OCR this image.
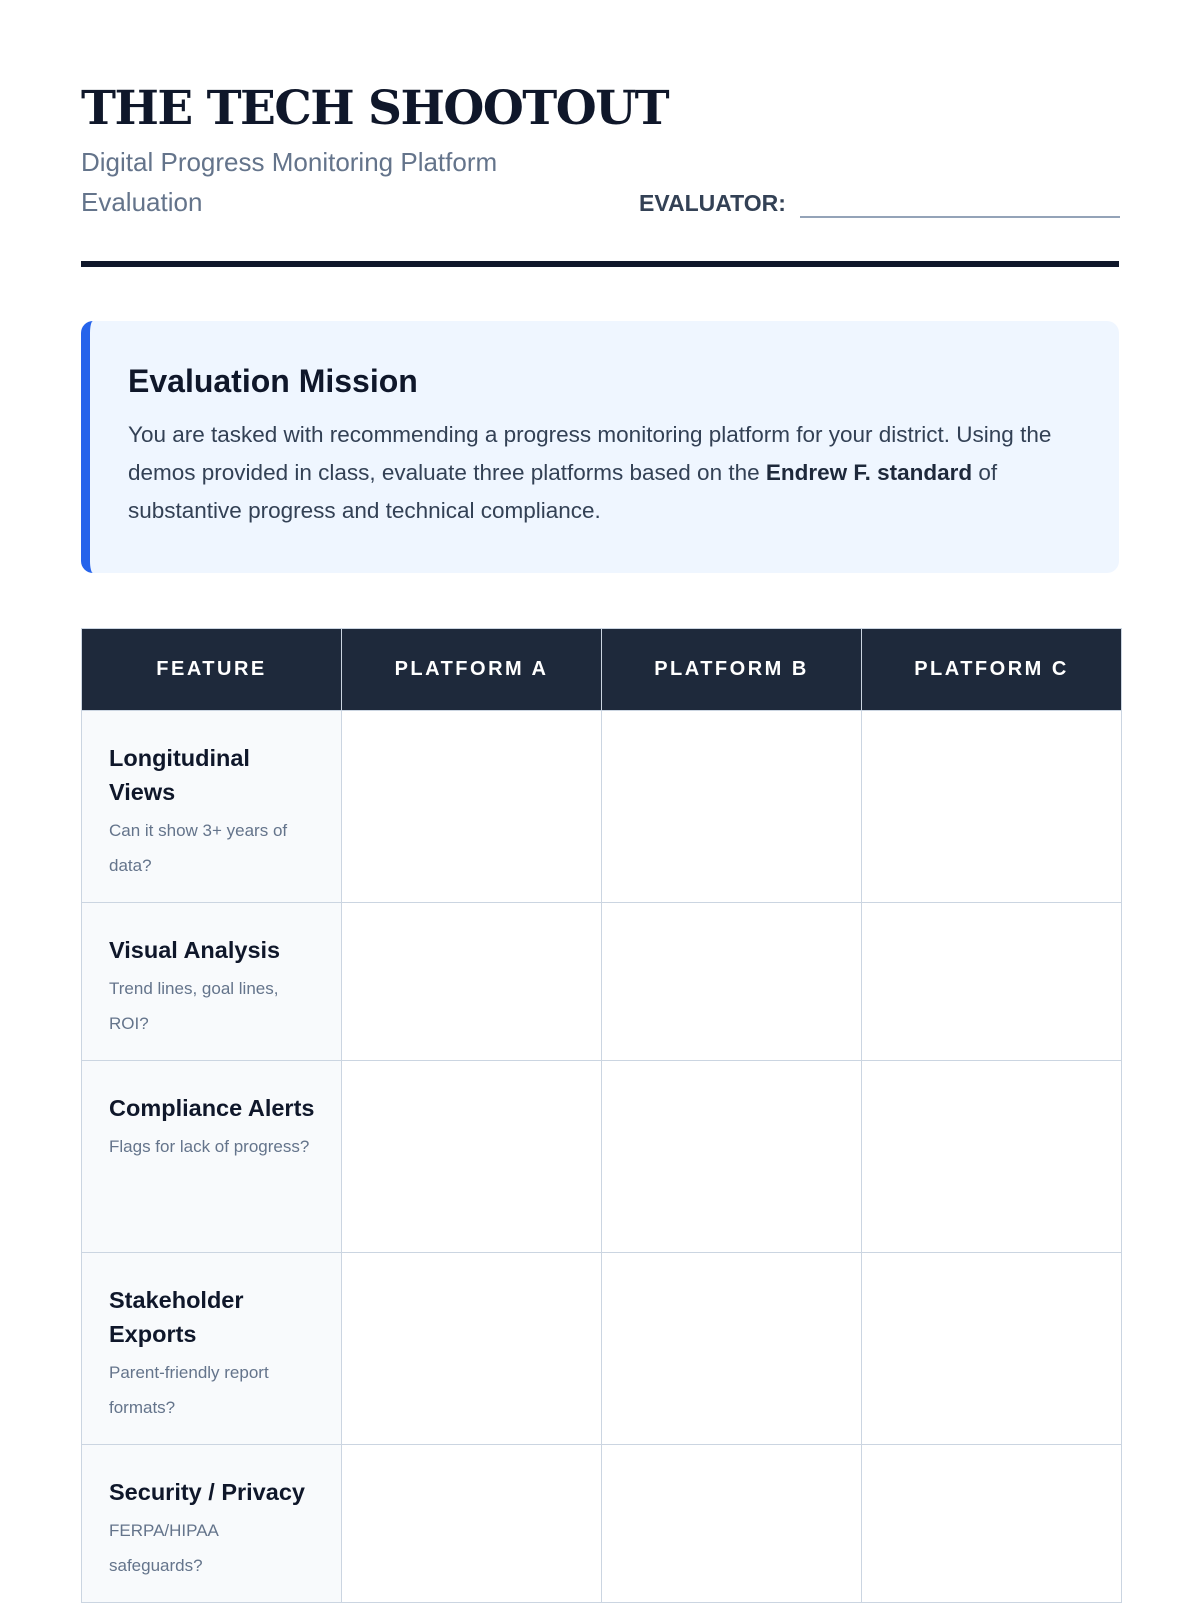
THE TECH SHOOTOUT
Digital Progress Monitoring Platform Evaluation	EVALUATOR:
Evaluation Mission

You are tasked with recommending a progress monitoring platform for your district. Using the demos provided in class, evaluate three platforms based on the Endrew F. standard of substantive progress and technical compliance.

FEATURE	PLATFORM A	PLATFORM B	PLATFORM C

Longitudinal Views
Can it show 3+ years of data?			

Visual Analysis
Trend lines, goal lines, ROI?			

Compliance Alerts
Flags for lack of progress?			

Stakeholder Exports
Parent-friendly report formats?			

Security / Privacy
FERPA/HIPAA safeguards?			
